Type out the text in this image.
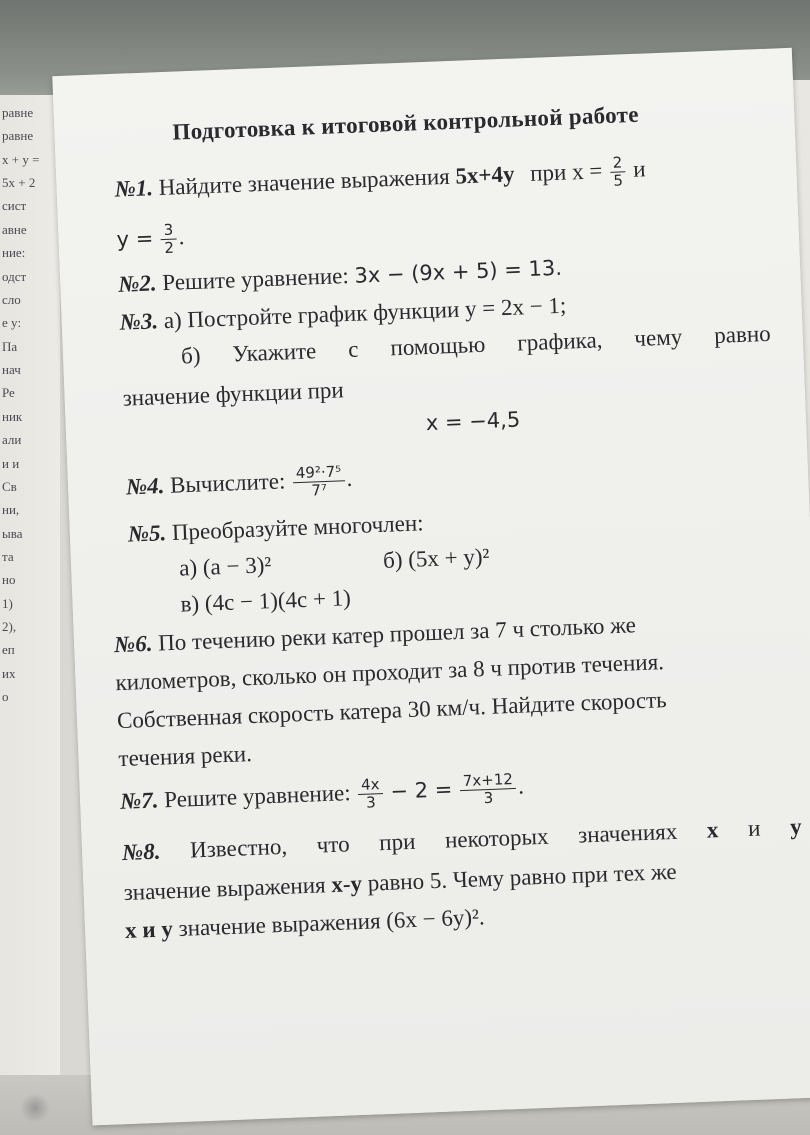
равне
равне
x + y =
5x + 2
сист
авне
ние:
одст
сло
е y:
Па
нач
Ре
ник
али
и и
Св
ни,
ыва
та
но
1)
2),
еп
их
о
Подготовка к итоговой контрольной работе
№1. Найдите значение выражения 5x+4y при $x = \frac{2}{5}$ и
$y = \frac{3}{2}$ .
№2. Решите уравнение: 3x − (9x + 5) = 13.
№3. а) Постройте график функции y = 2x − 1;
б) Укажите с помощью графика, чему равно
значение функции при
x = −4,5
№4. Вычислите: $\frac{\text{49²·7⁵}}{\text{7⁷}}$ .
№5. Преобразуйте многочлен:
а) (a − 3)²	б) (5x + y)²
в) (4c − 1)(4c + 1)
№6. По течению реки катер прошел за 7 ч столько же
километров, сколько он проходит за 8 ч против течения.
Собственная скорость катера 30 км/ч. Найдите скорость
течения реки.
№7. Решите уравнение: $\frac{4x}{3} - 2 = \frac{7x+12}{3}$ .
№8. Известно, что при некоторых значениях x и y
значение выражения x-y равно 5. Чему равно при тех же
x и y значение выражения (6x − 6y)².
